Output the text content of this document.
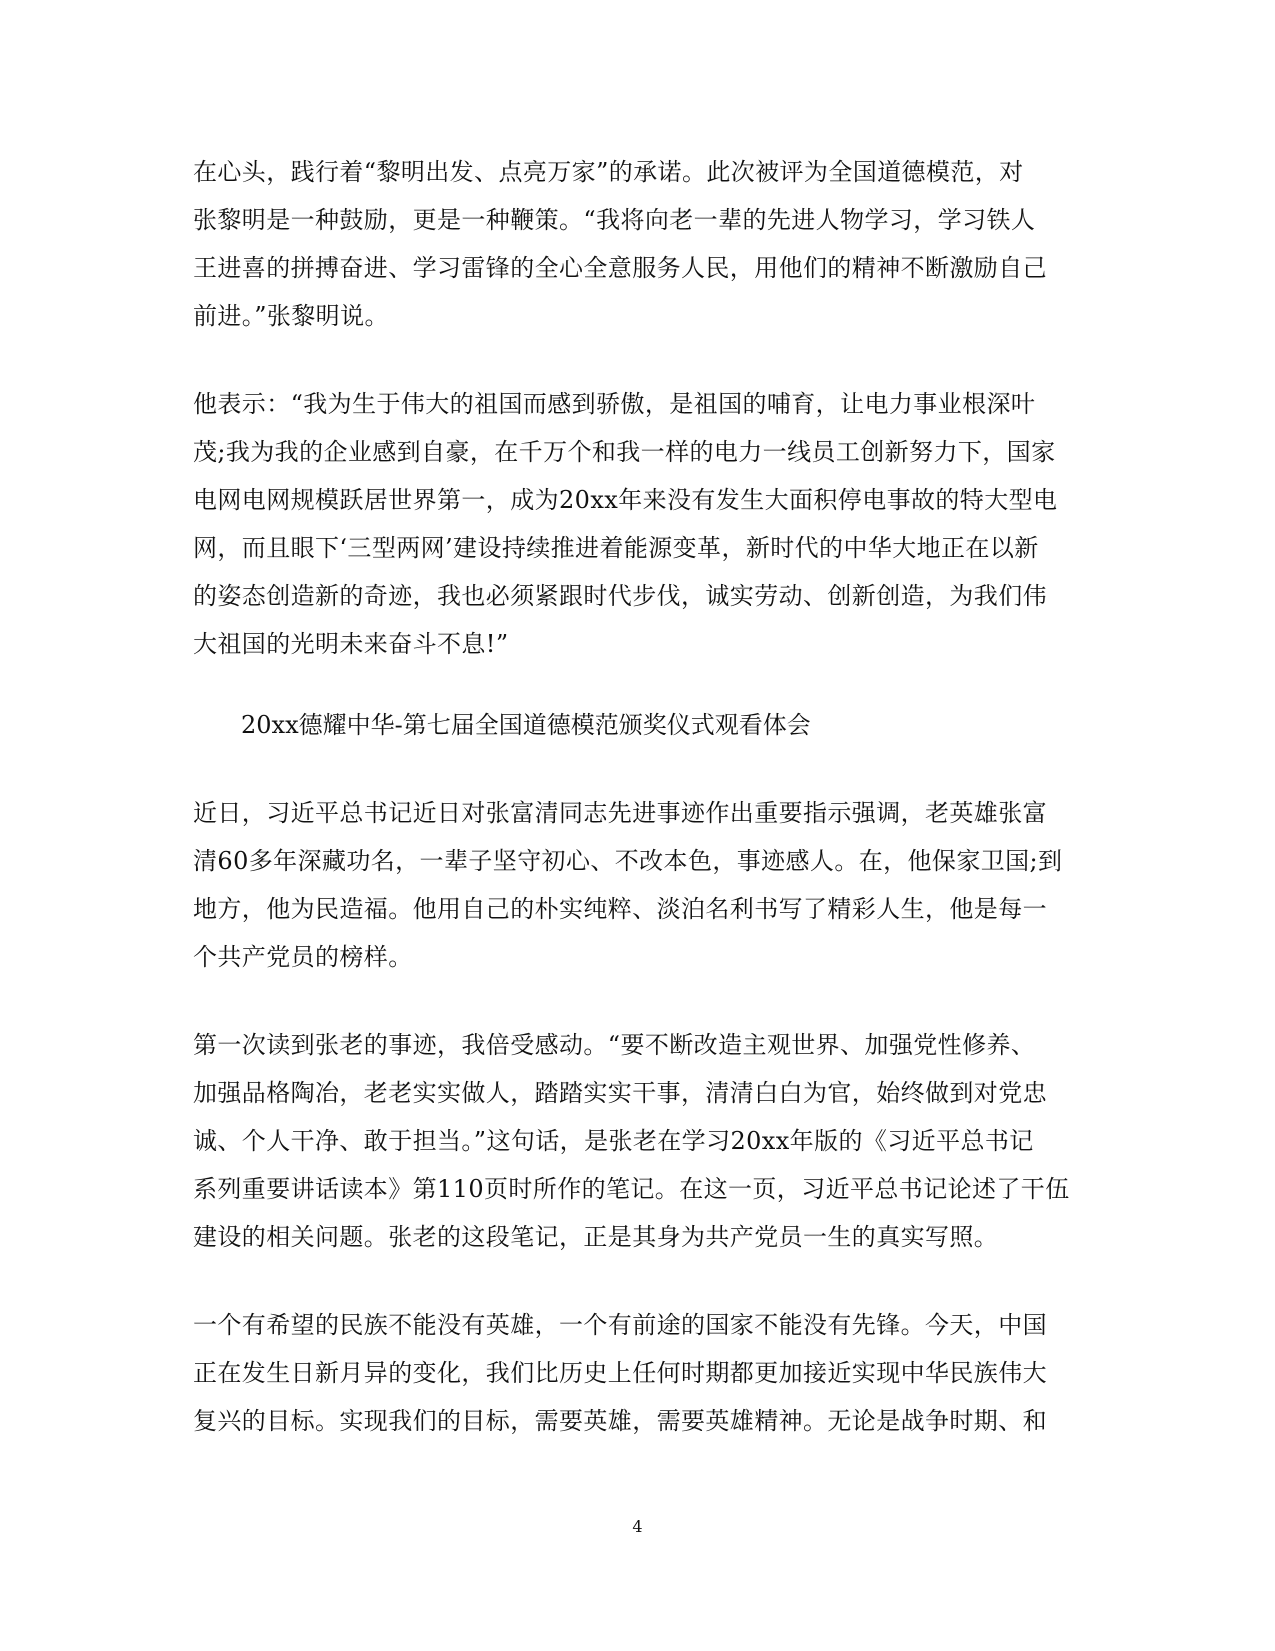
在心头，践行着“黎明出发、点亮万家”的承诺。此次被评为全国道德模范，对
张黎明是一种鼓励，更是一种鞭策。“我将向老一辈的先进人物学习，学习铁人
王进喜的拼搏奋进、学习雷锋的全心全意服务人民，用他们的精神不断激励自己
前进。”张黎明说。
他表示：“我为生于伟大的祖国而感到骄傲，是祖国的哺育，让电力事业根深叶
茂;我为我的企业感到自豪，在千万个和我一样的电力一线员工创新努力下，国家
电网电网规模跃居世界第一，成为20xx年来没有发生大面积停电事故的特大型电
网，而且眼下‘三型两网’建设持续推进着能源变革，新时代的中华大地正在以新
的姿态创造新的奇迹，我也必须紧跟时代步伐，诚实劳动、创新创造，为我们伟
大祖国的光明未来奋斗不息!”
20xx德耀中华-第七届全国道德模范颁奖仪式观看体会
近日，习近平总书记近日对张富清同志先进事迹作出重要指示强调，老英雄张富
清60多年深藏功名，一辈子坚守初心、不改本色，事迹感人。在，他保家卫国;到
地方，他为民造福。他用自己的朴实纯粹、淡泊名利书写了精彩人生，他是每一
个共产党员的榜样。
第一次读到张老的事迹，我倍受感动。“要不断改造主观世界、加强党性修养、
加强品格陶冶，老老实实做人，踏踏实实干事，清清白白为官，始终做到对党忠
诚、个人干净、敢于担当。”这句话，是张老在学习20xx年版的《习近平总书记
系列重要讲话读本》第110页时所作的笔记。在这一页，习近平总书记论述了干伍
建设的相关问题。张老的这段笔记，正是其身为共产党员一生的真实写照。
一个有希望的民族不能没有英雄，一个有前途的国家不能没有先锋。今天，中国
正在发生日新月异的变化，我们比历史上任何时期都更加接近实现中华民族伟大
复兴的目标。实现我们的目标，需要英雄，需要英雄精神。无论是战争时期、和
4
